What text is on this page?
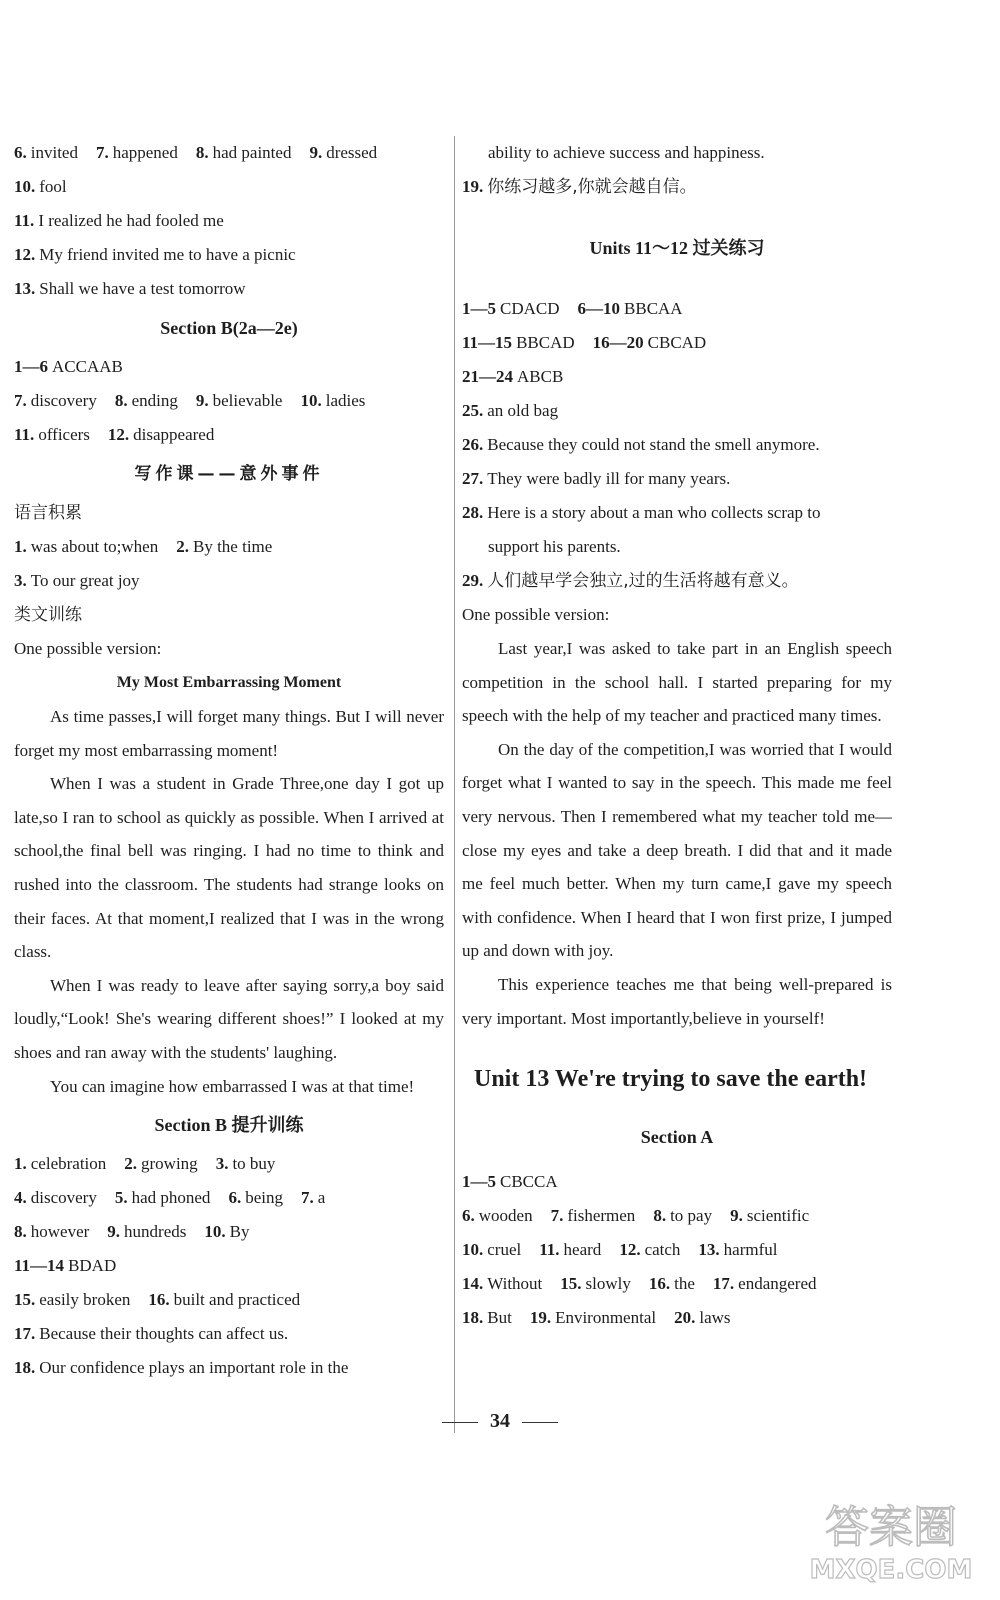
6. invited 7. happened 8. had painted 9. dressed
10. fool
11. I realized he had fooled me
12. My friend invited me to have a picnic
13. Shall we have a test tomorrow
Section B(2a—2e)
1—6 ACCAAB
7. discovery 8. ending 9. believable 10. ladies
11. officers 12. disappeared
写作课——意外事件
语言积累
1. was about to;when 2. By the time
3. To our great joy
类文训练
One possible version:
My Most Embarrassing Moment
As time passes,I will forget many things. But I will never forget my most embarrassing moment!
When I was a student in Grade Three,one day I got up late,so I ran to school as quickly as possible. When I arrived at school,the final bell was ringing. I had no time to think and rushed into the classroom. The students had strange looks on their faces. At that moment,I realized that I was in the wrong class.
When I was ready to leave after saying sorry,a boy said loudly,“Look! She's wearing different shoes!” I looked at my shoes and ran away with the students' laughing.
You can imagine how embarrassed I was at that time!
Section B 提升训练
1. celebration 2. growing 3. to buy
4. discovery 5. had phoned 6. being 7. a
8. however 9. hundreds 10. By
11—14 BDAD
15. easily broken 16. built and practiced
17. Because their thoughts can affect us.
18. Our confidence plays an important role in the
ability to achieve success and happiness.
19. 你练习越多,你就会越自信。
Units 11～12 过关练习
1—5 CDACD 6—10 BBCAA
11—15 BBCAD 16—20 CBCAD
21—24 ABCB
25. an old bag
26. Because they could not stand the smell anymore.
27. They were badly ill for many years.
28. Here is a story about a man who collects scrap to
support his parents.
29. 人们越早学会独立,过的生活将越有意义。
One possible version:
Last year,I was asked to take part in an English speech competition in the school hall. I started preparing for my speech with the help of my teacher and practiced many times.
On the day of the competition,I was worried that I would forget what I wanted to say in the speech. This made me feel very nervous. Then I remembered what my teacher told me—close my eyes and take a deep breath. I did that and it made me feel much better. When my turn came,I gave my speech with confidence. When I heard that I won first prize, I jumped up and down with joy.
This experience teaches me that being well-prepared is very important. Most importantly,believe in yourself!
Unit 13 We're trying to save the earth!
Section A
1—5 CBCCA
6. wooden 7. fishermen 8. to pay 9. scientific
10. cruel 11. heard 12. catch 13. harmful
14. Without 15. slowly 16. the 17. endangered
18. But 19. Environmental 20. laws
34
答案圈
MXQE.COM
